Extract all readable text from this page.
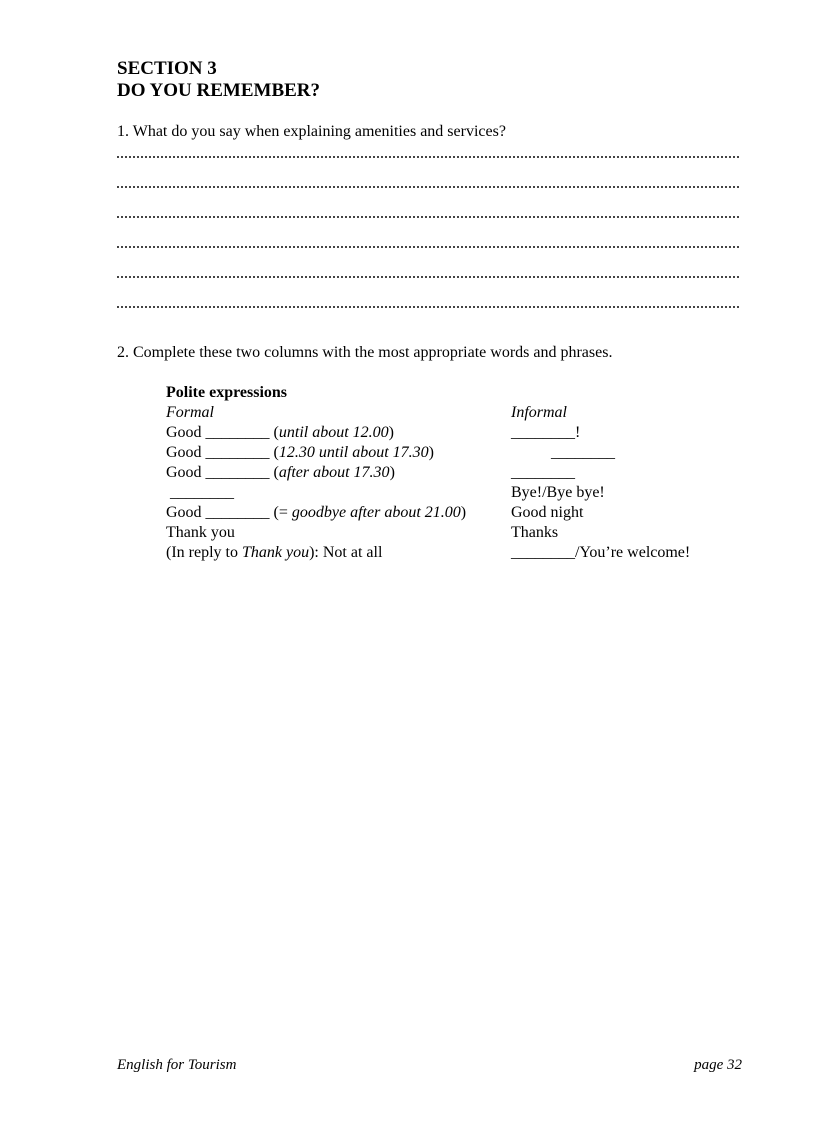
SECTION 3
DO YOU REMEMBER?
1. What do you say when explaining amenities and services?
2. Complete these two columns with the most appropriate words and phrases.
Polite expressions
Formal	Informal
Good ________ (until about 12.00)	________!
Good ________ (12.30 until about 17.30)	________
Good ________ (after about 17.30)	________
________	Bye!/Bye bye!
Good ________ (= goodbye after about 21.00)	Good night
Thank you	Thanks
(In reply to Thank you): Not at all	________/You’re welcome!
English for Tourism	page 32
